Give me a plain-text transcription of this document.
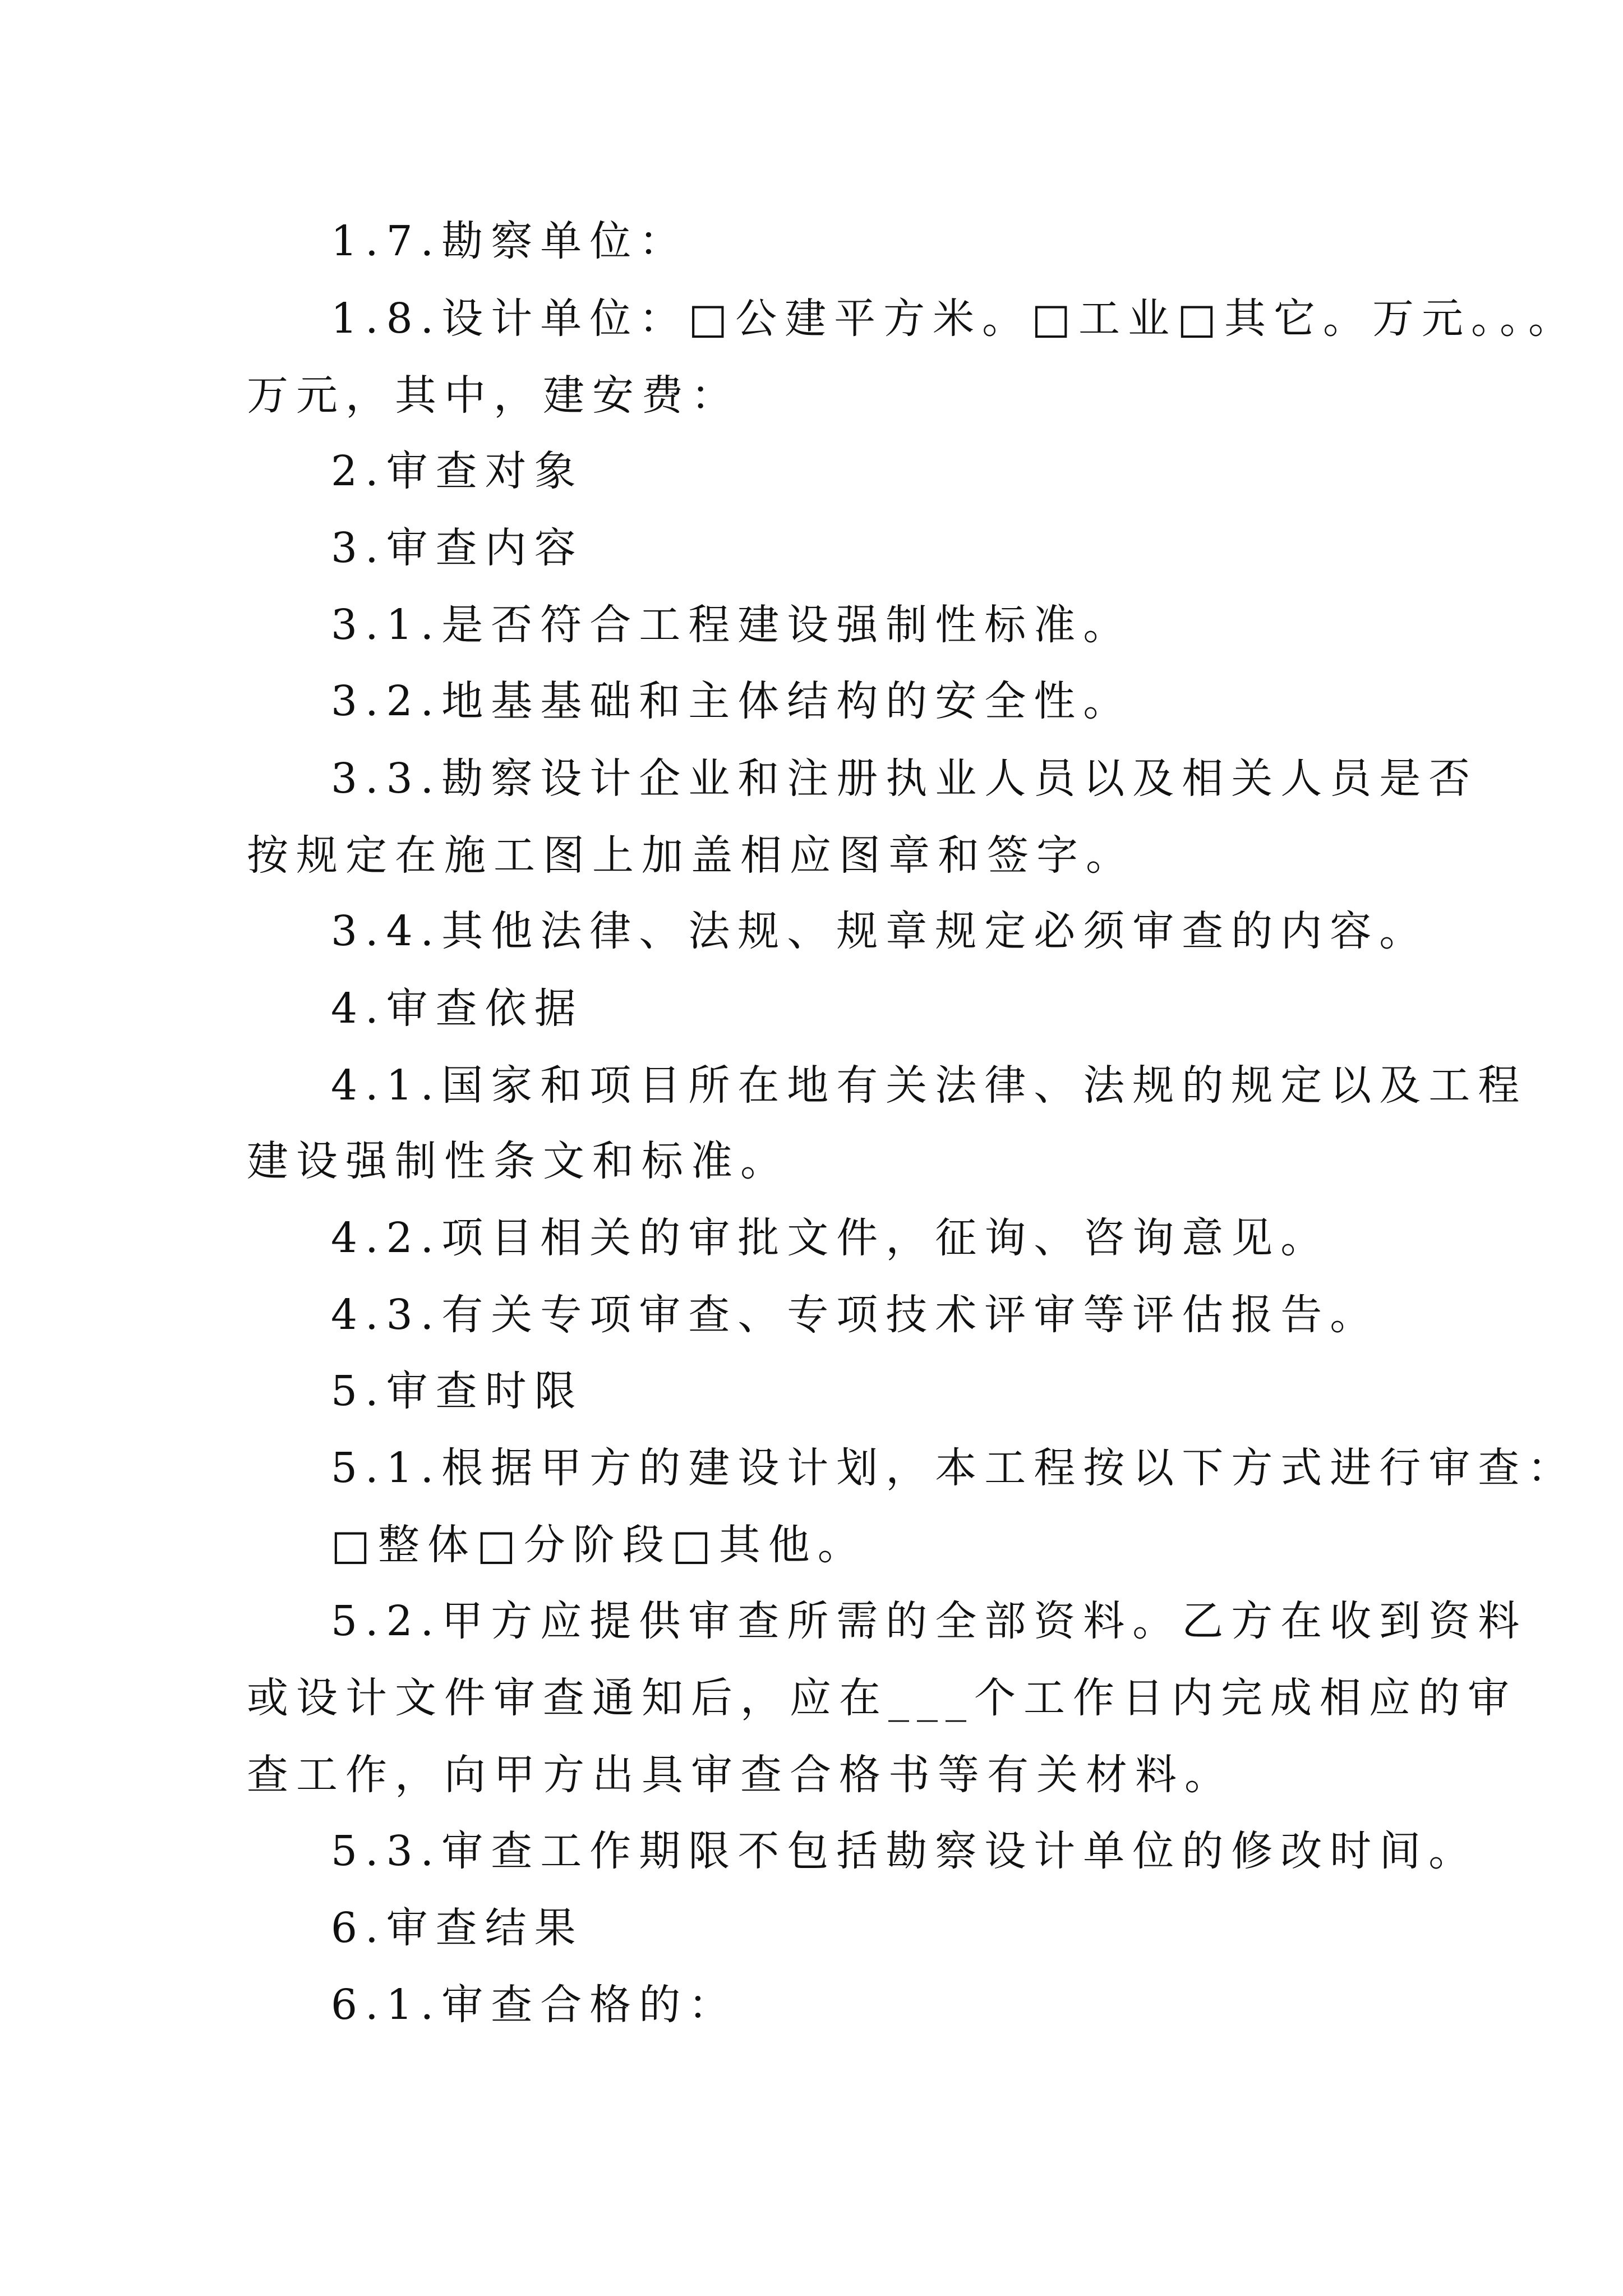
1.7.勘察单位：
1.8.设计单位：□公建平方米。□工业□其它。万元。。。
万元，其中，建安费：
2.审查对象
3.审查内容
3.1.是否符合工程建设强制性标准。
3.2.地基基础和主体结构的安全性。
3.3.勘察设计企业和注册执业人员以及相关人员是否
按规定在施工图上加盖相应图章和签字。
3.4.其他法律、法规、规章规定必须审查的内容。
4.审查依据
4.1.国家和项目所在地有关法律、法规的规定以及工程
建设强制性条文和标准。
4.2.项目相关的审批文件，征询、咨询意见。
4.3.有关专项审查、专项技术评审等评估报告。
5.审查时限
5.1.根据甲方的建设计划，本工程按以下方式进行审查：
□整体□分阶段□其他。
5.2.甲方应提供审查所需的全部资料。乙方在收到资料
或设计文件审查通知后，应在___个工作日内完成相应的审
查工作，向甲方出具审查合格书等有关材料。
5.3.审查工作期限不包括勘察设计单位的修改时间。
6.审查结果
6.1.审查合格的：
